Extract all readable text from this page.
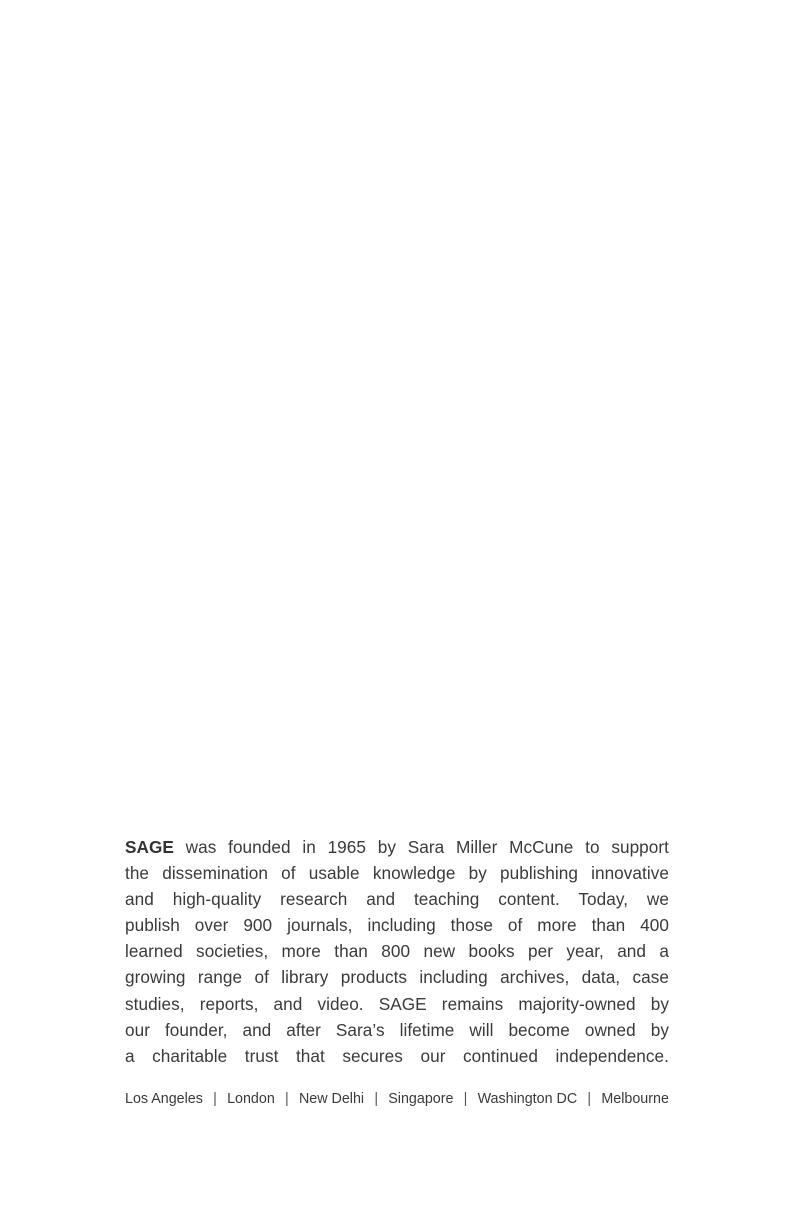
SAGE was founded in 1965 by Sara Miller McCune to support
the dissemination of usable knowledge by publishing innovative
and high-quality research and teaching content. Today, we
publish over 900 journals, including those of more than 400
learned societies, more than 800 new books per year, and a
growing range of library products including archives, data, case
studies, reports, and video. SAGE remains majority-owned by
our founder, and after Sara’s lifetime will become owned by
a charitable trust that secures our continued independence.

Los Angeles | London | New Delhi | Singapore | Washington DC | Melbourne
